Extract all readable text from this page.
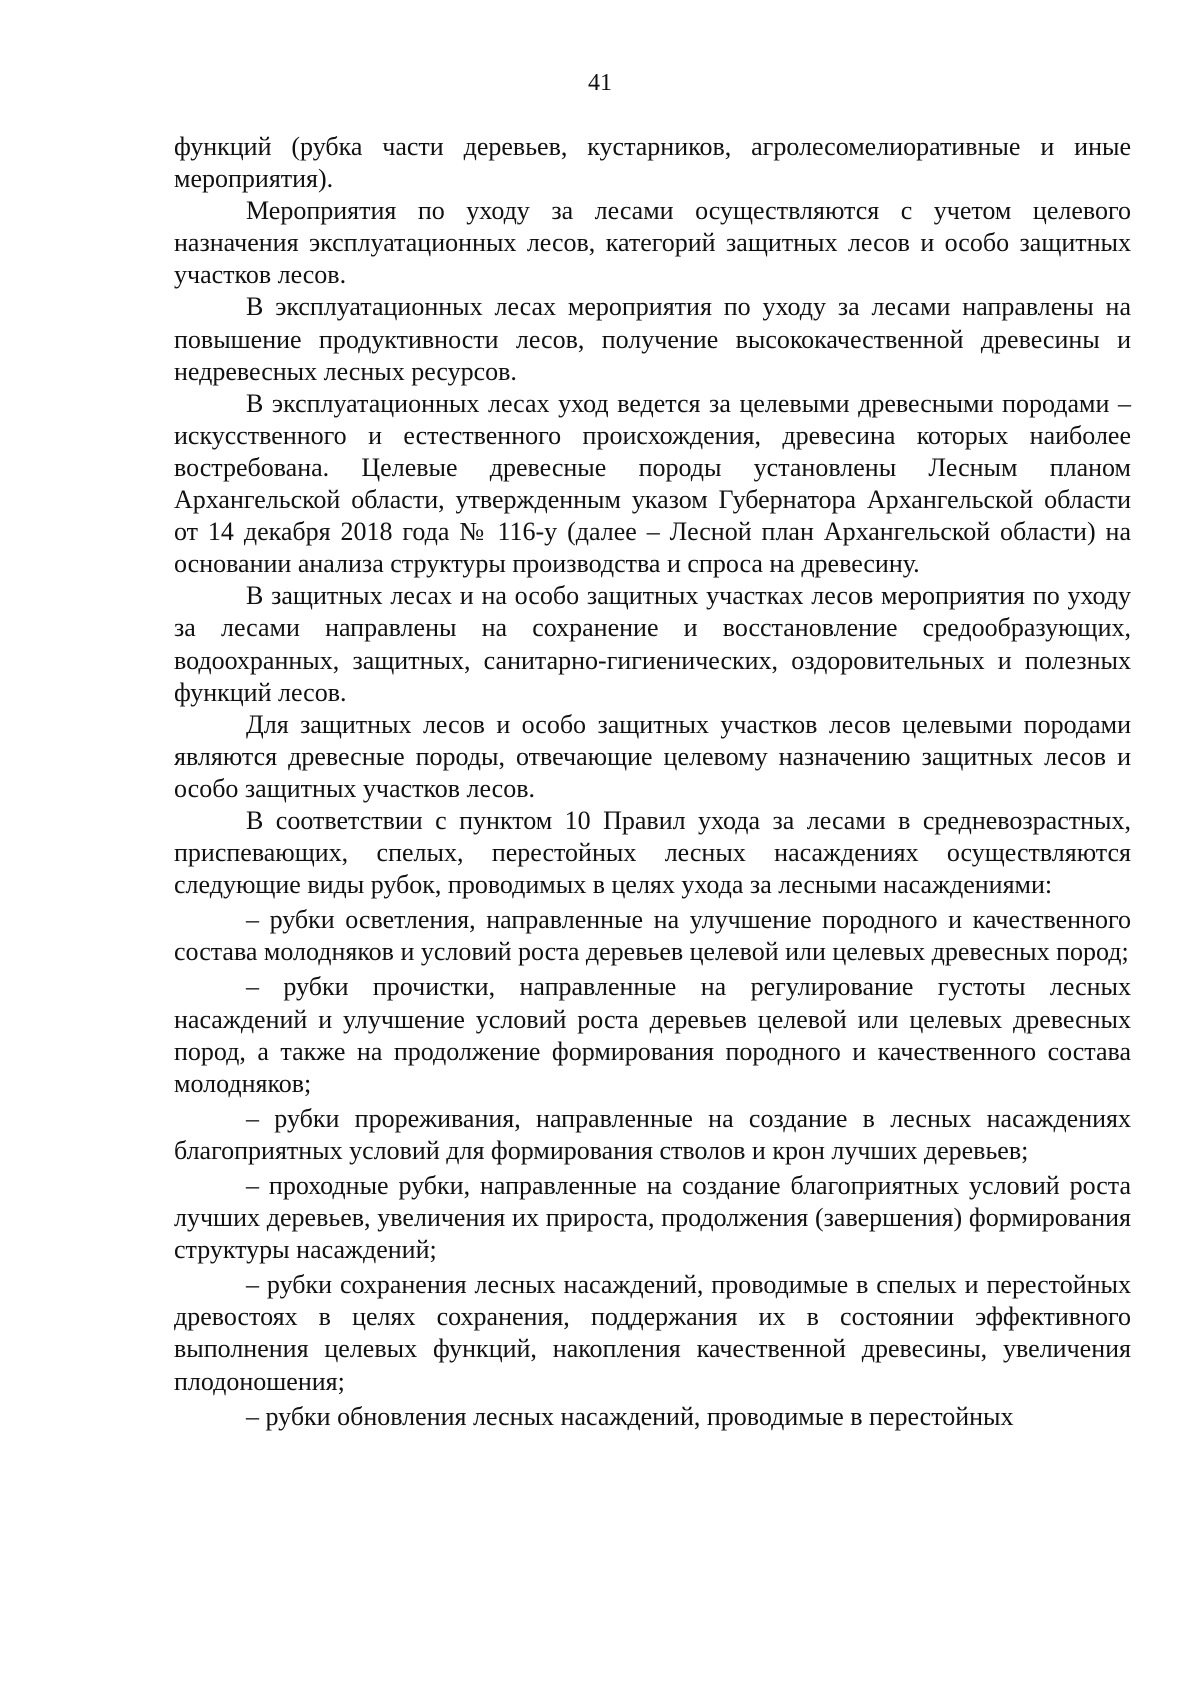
41

функций (рубка части деревьев, кустарников, агролесомелиоративные и иные мероприятия).

Мероприятия по уходу за лесами осуществляются с учетом целевого назначения эксплуатационных лесов, категорий защитных лесов и особо защитных участков лесов.

В эксплуатационных лесах мероприятия по уходу за лесами направлены на повышение продуктивности лесов, получение высококачественной древесины и недревесных лесных ресурсов.

В эксплуатационных лесах уход ведется за целевыми древесными породами – искусственного и естественного происхождения, древесина которых наиболее востребована. Целевые древесные породы установлены Лесным планом Архангельской области, утвержденным указом Губернатора Архангельской области от 14 декабря 2018 года № 116-у (далее – Лесной план Архангельской области) на основании анализа структуры производства и спроса на древесину.

В защитных лесах и на особо защитных участках лесов мероприятия по уходу за лесами направлены на сохранение и восстановление средообразующих, водоохранных, защитных, санитарно-гигиенических, оздоровительных и полезных функций лесов.

Для защитных лесов и особо защитных участков лесов целевыми породами являются древесные породы, отвечающие целевому назначению защитных лесов и особо защитных участков лесов.

В соответствии с пунктом 10 Правил ухода за лесами в средневозрастных, приспевающих, спелых, перестойных лесных насаждениях осуществляются следующие виды рубок, проводимых в целях ухода за лесными насаждениями:

– рубки осветления, направленные на улучшение породного и качественного состава молодняков и условий роста деревьев целевой или целевых древесных пород;

– рубки прочистки, направленные на регулирование густоты лесных насаждений и улучшение условий роста деревьев целевой или целевых древесных пород, а также на продолжение формирования породного и качественного состава молодняков;

– рубки прореживания, направленные на создание в лесных насаждениях благоприятных условий для формирования стволов и крон лучших деревьев;

– проходные рубки, направленные на создание благоприятных условий роста лучших деревьев, увеличения их прироста, продолжения (завершения) формирования структуры насаждений;

– рубки сохранения лесных насаждений, проводимые в спелых и перестойных древостоях в целях сохранения, поддержания их в состоянии эффективного выполнения целевых функций, накопления качественной древесины, увеличения плодоношения;

– рубки обновления лесных насаждений, проводимые в перестойных
